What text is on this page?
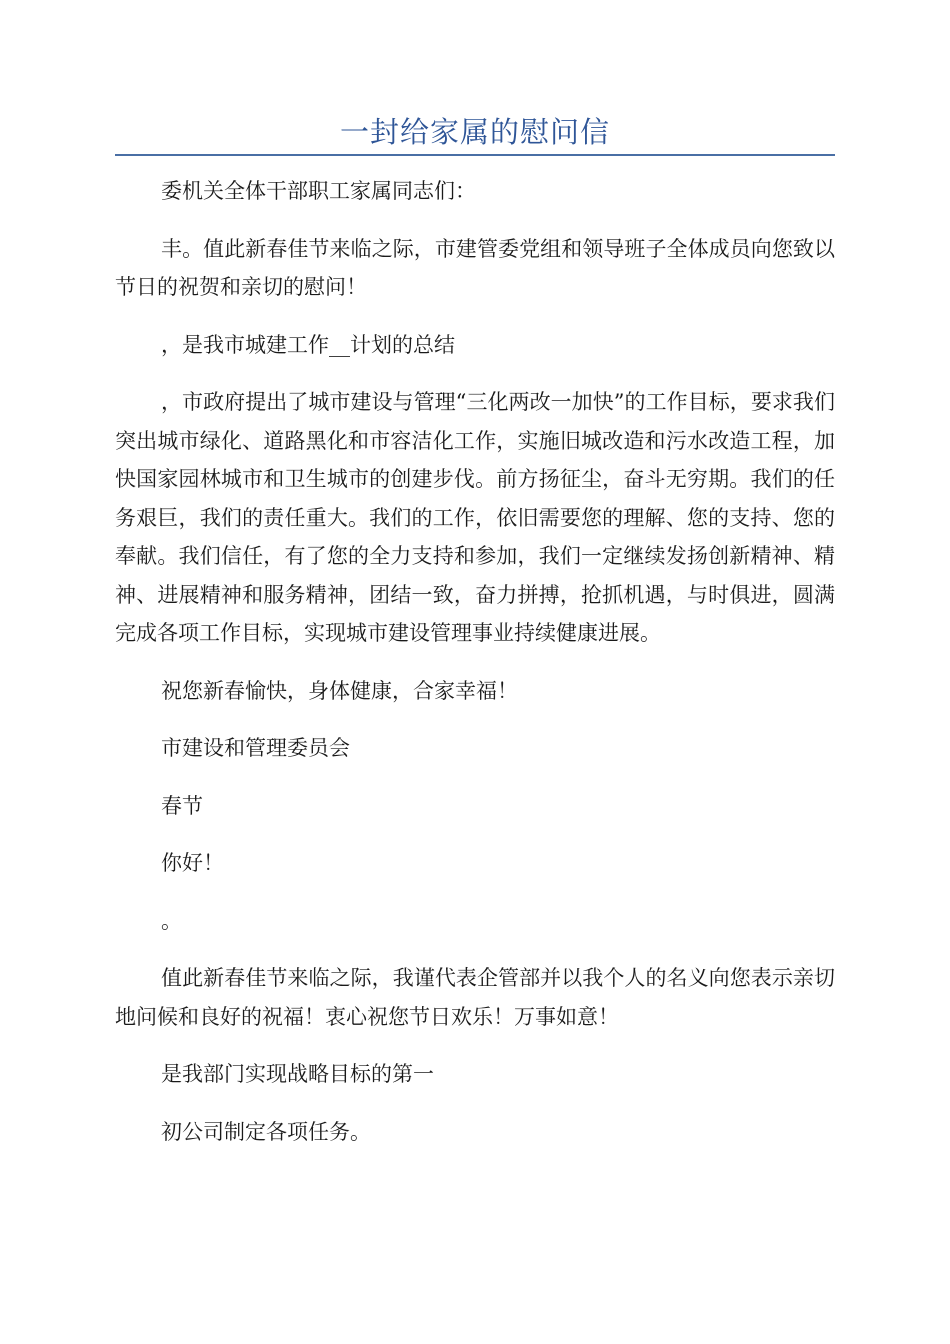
一封给家属的慰问信

委机关全体干部职工家属同志们：

丰。值此新春佳节来临之际，市建管委党组和领导班子全体成员向您致以节日的祝贺和亲切的慰问！

，是我市城建工作__计划的总结

，市政府提出了城市建设与管理“三化两改一加快”的工作目标，要求我们突出城市绿化、道路黑化和市容洁化工作，实施旧城改造和污水改造工程，加快国家园林城市和卫生城市的创建步伐。前方扬征尘，奋斗无穷期。我们的任务艰巨，我们的责任重大。我们的工作，依旧需要您的理解、您的支持、您的奉献。我们信任，有了您的全力支持和参加，我们一定继续发扬创新精神、精神、进展精神和服务精神，团结一致，奋力拼搏，抢抓机遇，与时俱进，圆满完成各项工作目标，实现城市建设管理事业持续健康进展。

祝您新春愉快，身体健康，合家幸福！

市建设和管理委员会

春节

你好！

。

值此新春佳节来临之际，我谨代表企管部并以我个人的名义向您表示亲切地问候和良好的祝福！衷心祝您节日欢乐！万事如意！

是我部门实现战略目标的第一

初公司制定各项任务。
